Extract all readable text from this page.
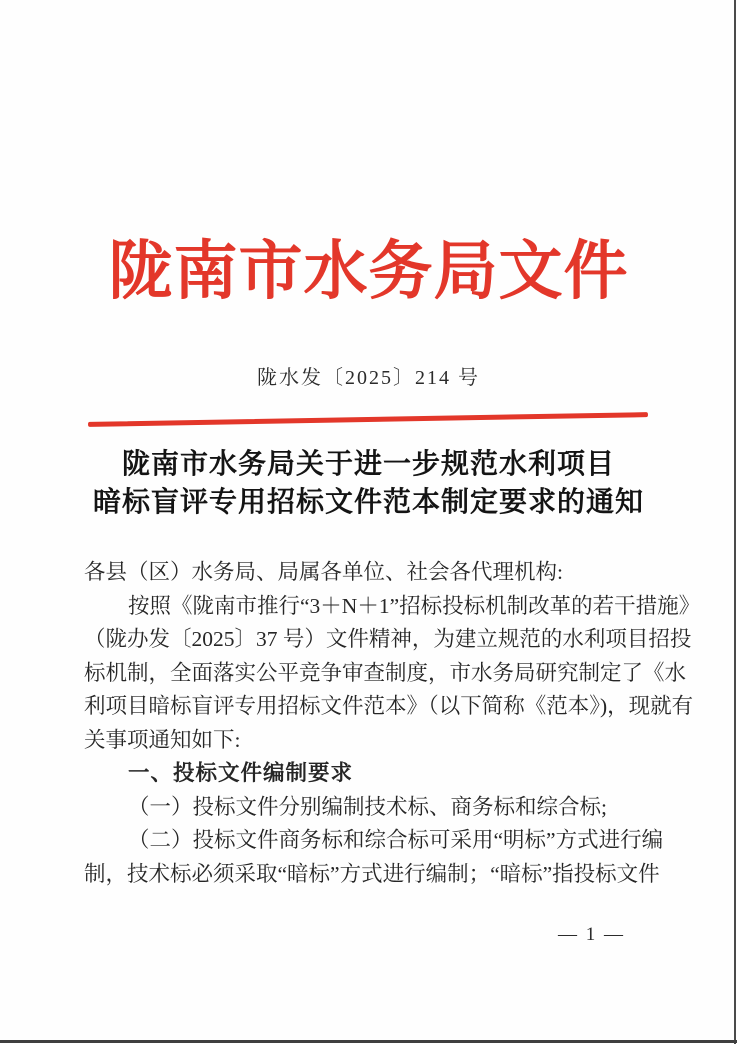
陇南市水务局文件
陇水发〔2025〕214 号
陇南市水务局关于进一步规范水利项目
暗标盲评专用招标文件范本制定要求的通知
各县（区）水务局、局属各单位、社会各代理机构:
按照《陇南市推行“3＋N＋1”招标投标机制改革的若干措施》
（陇办发〔2025〕37 号）文件精神，为建立规范的水利项目招投
标机制，全面落实公平竞争审查制度，市水务局研究制定了《水
利项目暗标盲评专用招标文件范本》（以下简称《范本》)，现就有
关事项通知如下:
一、投标文件编制要求
（一）投标文件分别编制技术标、商务标和综合标;
（二）投标文件商务标和综合标可采用“明标”方式进行编
制，技术标必须采取“暗标”方式进行编制；“暗标”指投标文件
— 1 —
